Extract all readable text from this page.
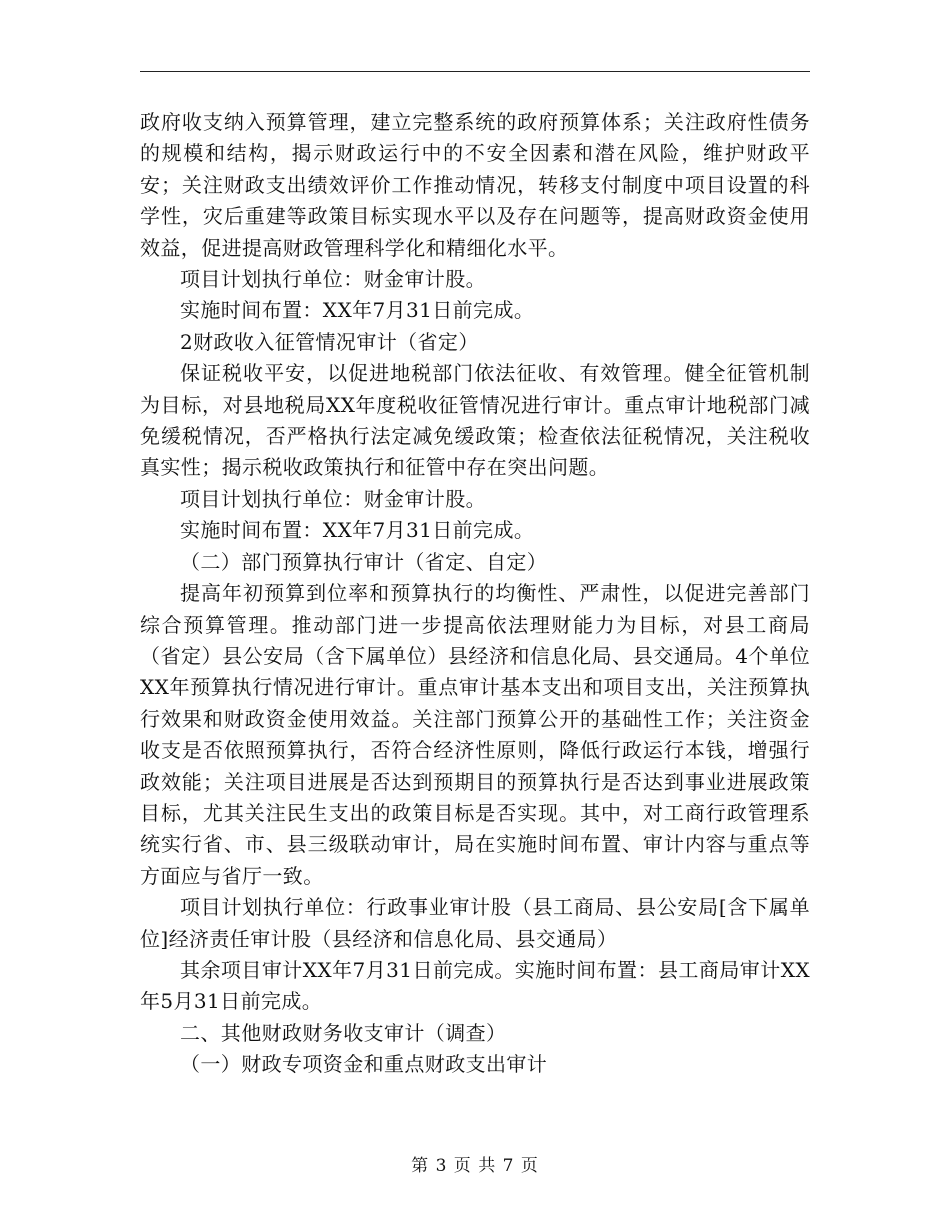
政府收支纳入预算管理，建立完整系统的政府预算体系；关注政府性债务的规模和结构，揭示财政运行中的不安全因素和潜在风险，维护财政平安；关注财政支出绩效评价工作推动情况，转移支付制度中项目设置的科学性，灾后重建等政策目标实现水平以及存在问题等，提高财政资金使用效益，促进提高财政管理科学化和精细化水平。

项目计划执行单位：财金审计股。

实施时间布置：XX年7月31日前完成。

2财政收入征管情况审计（省定）

保证税收平安，以促进地税部门依法征收、有效管理。健全征管机制为目标，对县地税局XX年度税收征管情况进行审计。重点审计地税部门减免缓税情况，否严格执行法定减免缓政策；检查依法征税情况，关注税收真实性；揭示税收政策执行和征管中存在突出问题。

项目计划执行单位：财金审计股。

实施时间布置：XX年7月31日前完成。

（二）部门预算执行审计（省定、自定）

提高年初预算到位率和预算执行的均衡性、严肃性，以促进完善部门综合预算管理。推动部门进一步提高依法理财能力为目标，对县工商局（省定）县公安局（含下属单位）县经济和信息化局、县交通局。4个单位XX年预算执行情况进行审计。重点审计基本支出和项目支出，关注预算执行效果和财政资金使用效益。关注部门预算公开的基础性工作；关注资金收支是否依照预算执行，否符合经济性原则，降低行政运行本钱，增强行政效能；关注项目进展是否达到预期目的预算执行是否达到事业进展政策目标，尤其关注民生支出的政策目标是否实现。其中，对工商行政管理系统实行省、市、县三级联动审计，局在实施时间布置、审计内容与重点等方面应与省厅一致。

项目计划执行单位：行政事业审计股（县工商局、县公安局[含下属单位]经济责任审计股（县经济和信息化局、县交通局）

其余项目审计XX年7月31日前完成。实施时间布置：县工商局审计XX年5月31日前完成。

二、其他财政财务收支审计（调查）

（一）财政专项资金和重点财政支出审计

第 3 页 共 7 页
